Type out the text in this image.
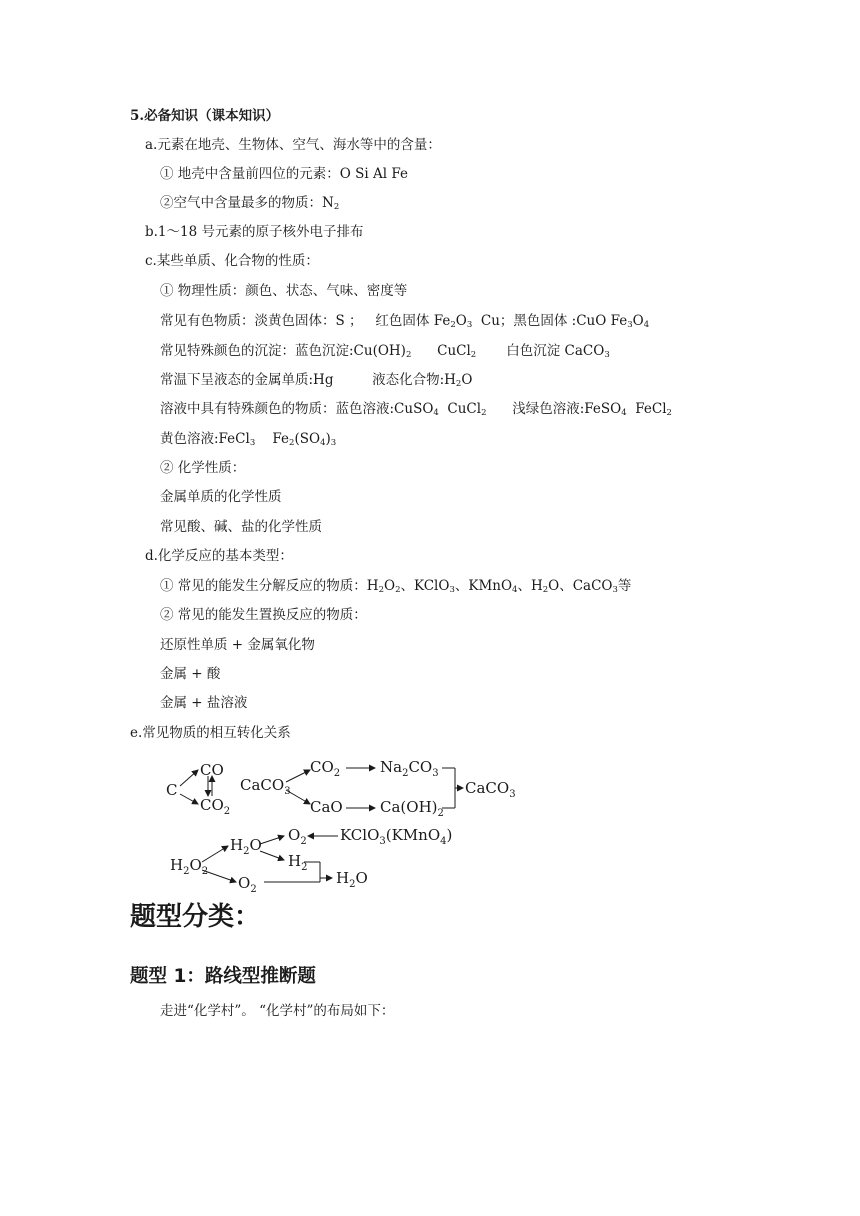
5.必备知识（课本知识）
a.元素在地壳、生物体、空气、海水等中的含量：
① 地壳中含量前四位的元素：O Si Al Fe
②空气中含量最多的物质：$N_2$
b.1～18 号元素的原子核外电子排布
c.某些单质、化合物的性质：
① 物理性质：颜色、状态、气味、密度等
常见有色物质：淡黄色固体：S ； 红色固体 $Fe_2O_3$ Cu；黑色固体 :CuO $Fe_3O_4$
常见特殊颜色的沉淀：蓝色沉淀$:Cu(OH)_2$ CuCl$_2$ 白色沉淀 CaCO$_3$
常温下呈液态的金属单质:Hg	液态化合物$:H_2O$
溶液中具有特殊颜色的物质：蓝色溶液:CuSO$_4$ CuCl$_2$ 浅绿色溶液:FeSO$_4$ FeCl$_2$
黄色溶液:FeCl$_3$ $Fe_2(SO_4)_3$
② 化学性质：
金属单质的化学性质
常见酸、碱、盐的化学性质
d.化学反应的基本类型：
① 常见的能发生分解反应的物质：$H_2O_2$、KClO$_3$、KMnO$_4$、$H_2O$、CaCO$_3$等
② 常见的能发生置换反应的物质：
还原性单质 + 金属氧化物
金属 + 酸
金属 + 盐溶液
e.常见物质的相互转化关系
C
CO
$CO_2$
CaCO$_3$
$CO_2$
CaO
$Na_2CO_3$
$Ca(OH)_2$
CaCO$_3$
$H_2O_2$
$H_2O$
$O_2$ KClO$_3$(KMnO$_4$)
$H_2$
$O_2$
$H_2O$
题型分类：
题型 1：路线型推断题
走进“化学村”。 “化学村”的布局如下：
